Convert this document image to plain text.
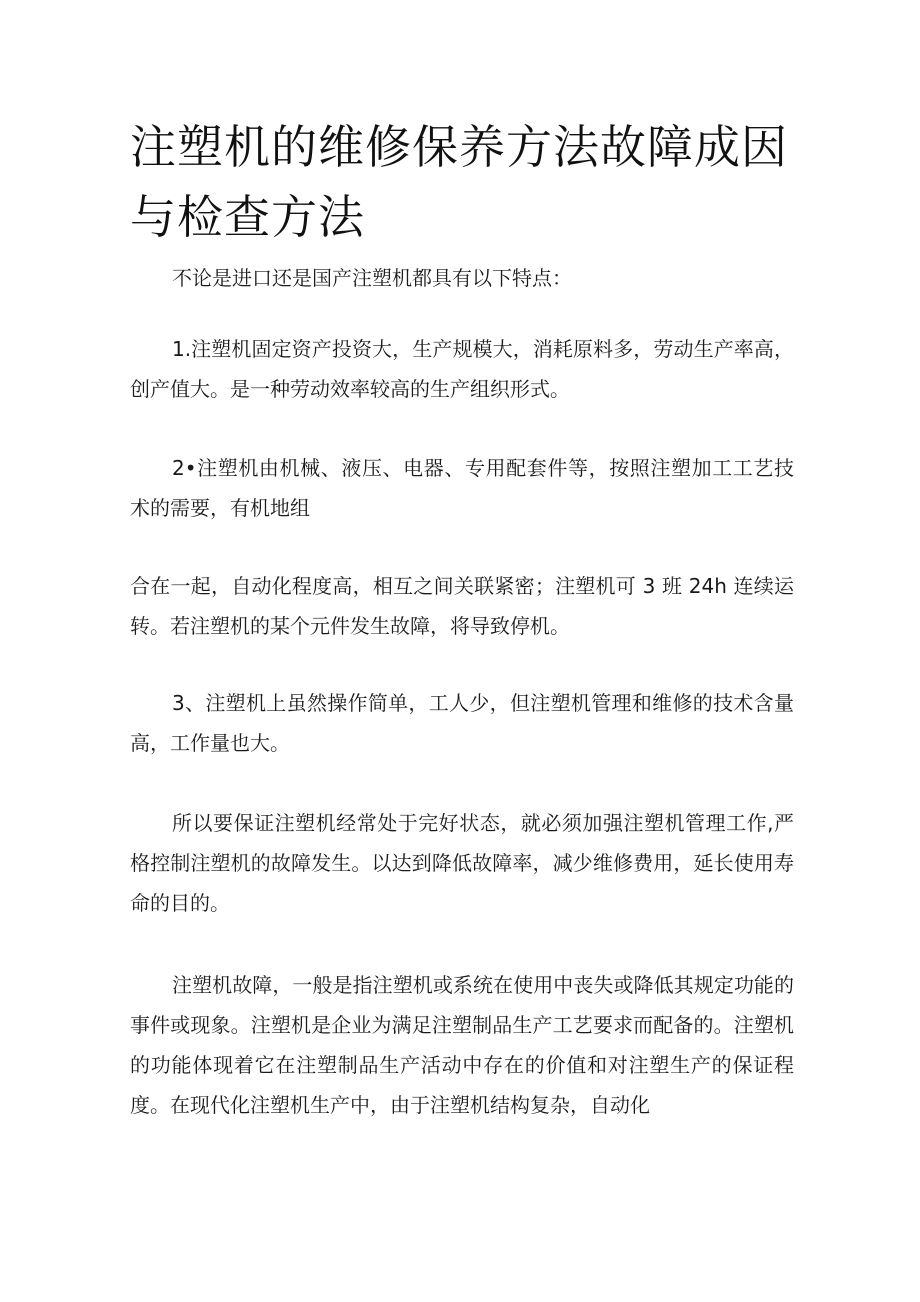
注塑机的维修保养方法故障成因与检查方法

不论是进口还是国产注塑机都具有以下特点：

1.注塑机固定资产投资大，生产规模大，消耗原料多，劳动生产率高，创产值大。是一种劳动效率较高的生产组织形式。

2•注塑机由机械、液压、电器、专用配套件等，按照注塑加工工艺技术的需要，有机地组

合在一起，自动化程度高，相互之间关联紧密；注塑机可 3 班 24h 连续运转。若注塑机的某个元件发生故障，将导致停机。

3、注塑机上虽然操作简单，工人少，但注塑机管理和维修的技术含量高，工作量也大。

所以要保证注塑机经常处于完好状态，就必须加强注塑机管理工作,严格控制注塑机的故障发生。以达到降低故障率，减少维修费用，延长使用寿命的目的。

注塑机故障，一般是指注塑机或系统在使用中丧失或降低其规定功能的事件或现象。注塑机是企业为满足注塑制品生产工艺要求而配备的。注塑机的功能体现着它在注塑制品生产活动中存在的价值和对注塑生产的保证程度。在现代化注塑机生产中，由于注塑机结构复杂，自动化
